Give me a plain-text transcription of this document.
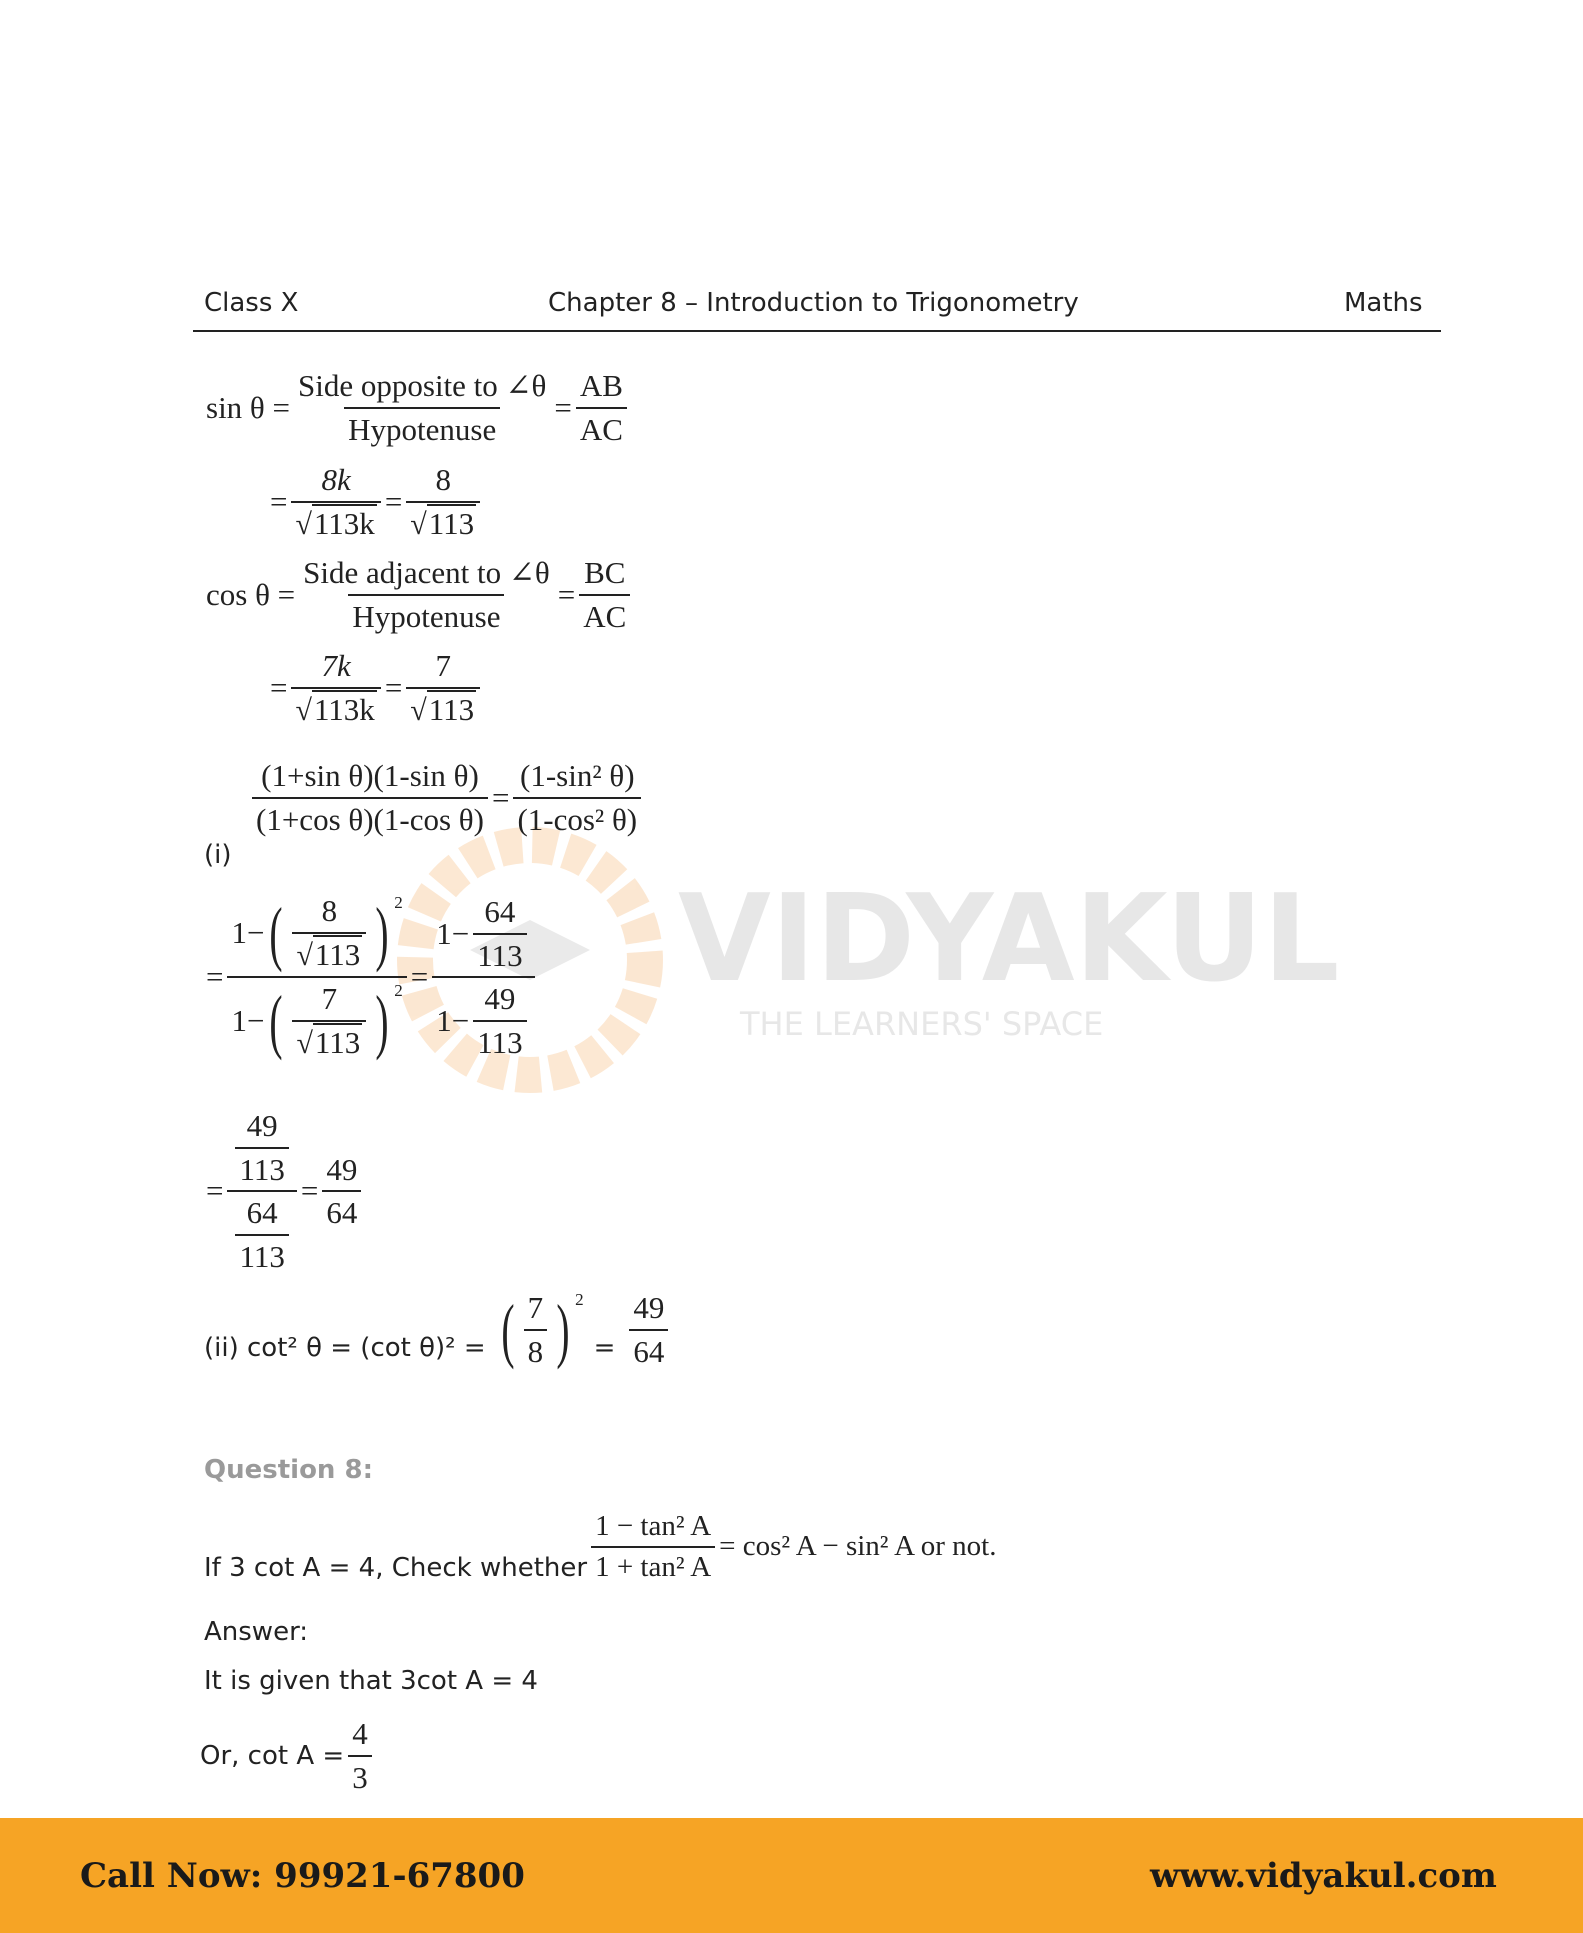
Class X	Chapter 8 – Introduction to Trigonometry	Maths
VIDYAKUL
THE LEARNERS' SPACE
$\sin \theta = \frac{\text{Side opposite to ∠θ}}{\text{Hypotenuse}} = \frac{AB}{AC}$
= $\frac{8k}{√113k} = \frac{8}{√113}$
$\cos \theta = \frac{\text{Side adjacent to ∠θ}}{\text{Hypotenuse}} = \frac{BC}{AC}$
= $\frac{7k}{√113k} = \frac{7}{√113}$
$\frac{\text{(1+sin θ)(1-sin θ)}}{\text{(1+cos θ)(1-cos θ)}} = \frac{\text{(1-sin² θ)}}{\text{(1-cos² θ)}}$
(i)
=
1− ( $\frac{8}{√113}$ ) $^2$
1− ( $\frac{7}{√113}$ ) $^2 = \frac{1- \frac{64}{113}}{1- \frac{49}{113}}$
= $\frac{\frac{49}{113}}{\frac{64}{113}} = \frac{49}{64}$
(ii) cot² θ = (cot θ)² = ( $\frac{7}{8}$ ) $^2$
= $\frac{49}{64}$
Question 8:
If 3 cot A = 4, Check whether $\frac{\text{1 − tan² A}}{\text{1 + tan² A}} = \cos^2$ A − sin² A or not.
Answer:
It is given that 3cot A = 4
Or, $\cot A = \frac{4}{3}$
Call Now: 99921-67800	www.vidyakul.com
